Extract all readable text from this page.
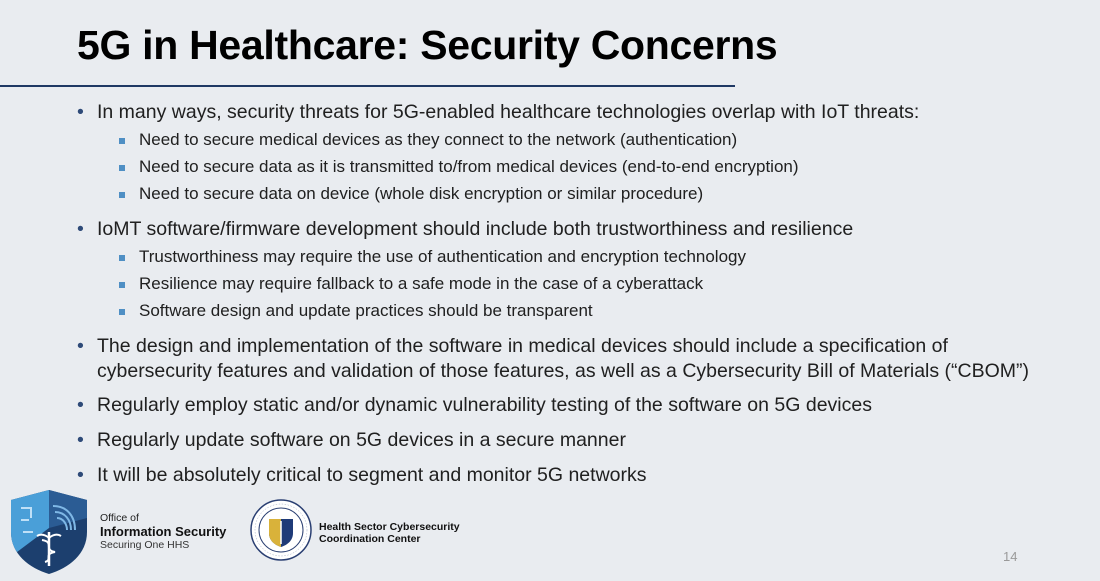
5G in Healthcare: Security Concerns
• In many ways, security threats for 5G-enabled healthcare technologies overlap with IoT threats:
Need to secure medical devices as they connect to the network (authentication)
Need to secure data as it is transmitted to/from medical devices (end-to-end encryption)
Need to secure data on device (whole disk encryption or similar procedure)
• IoMT software/firmware development should include both trustworthiness and resilience
Trustworthiness may require the use of authentication and encryption technology
Resilience may require fallback to a safe mode in the case of a cyberattack
Software design and update practices should be transparent
• The design and implementation of the software in medical devices should include a specification of
cybersecurity features and validation of those features, as well as a Cybersecurity Bill of Materials (“CBOM”)
• Regularly employ static and/or dynamic vulnerability testing of the software on 5G devices
• Regularly update software on 5G devices in a secure manner
• It will be absolutely critical to segment and monitor 5G networks
Office of
Information Security
Securing One HHS
Health Sector Cybersecurity
Coordination Center
14
